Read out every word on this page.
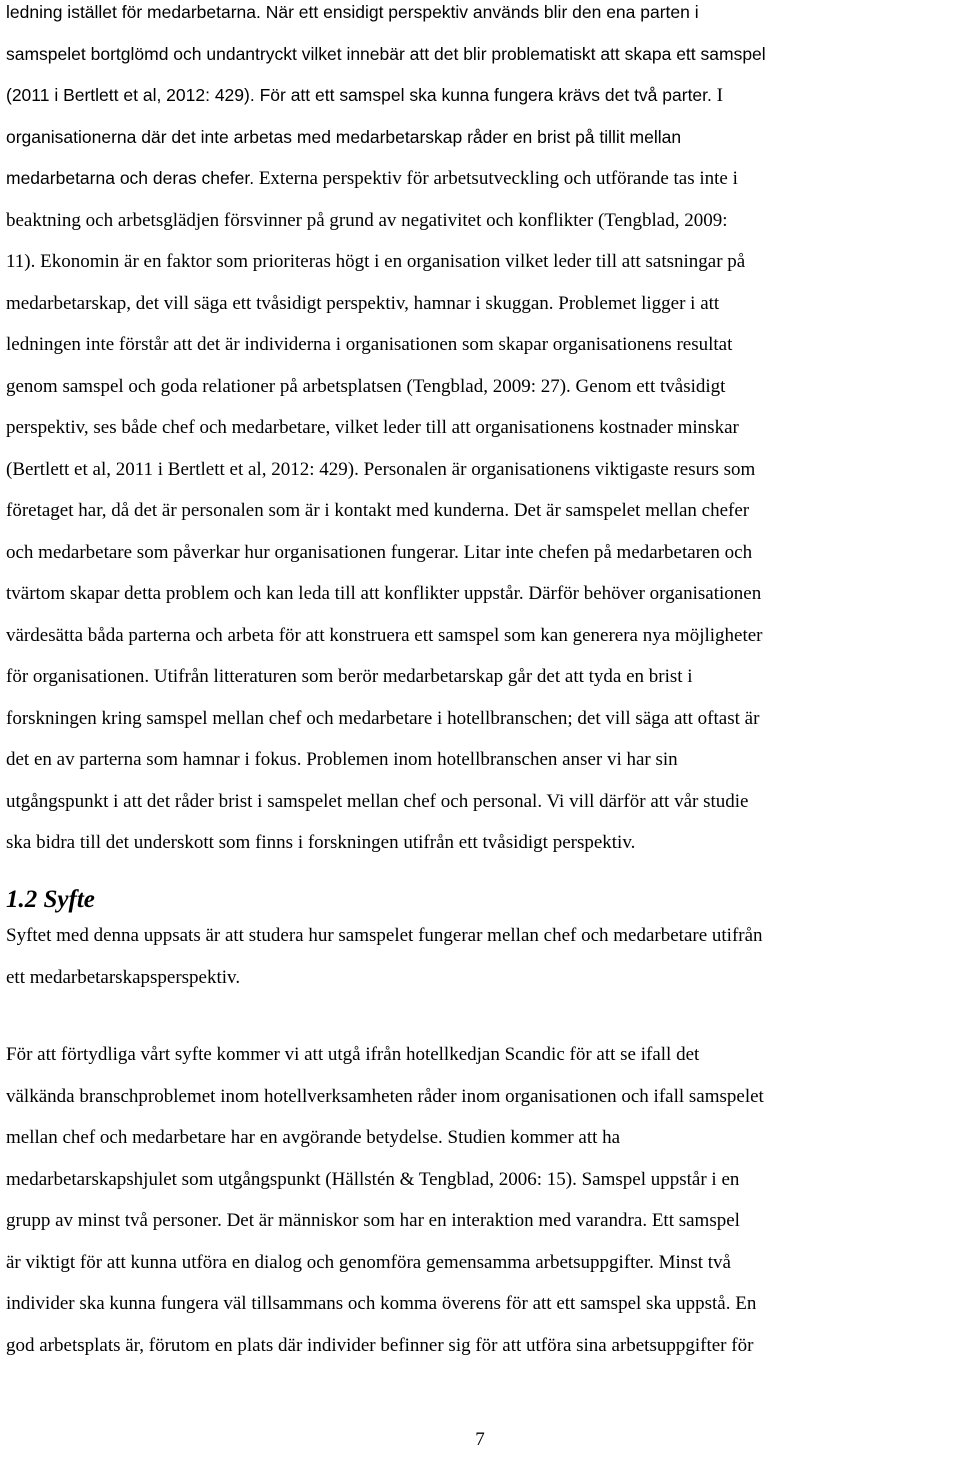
ledning istället för medarbetarna. När ett ensidigt perspektiv används blir den ena parten i
samspelet bortglömd och undantryckt vilket innebär att det blir problematiskt att skapa ett samspel
(2011 i Bertlett et al, 2012: 429). För att ett samspel ska kunna fungera krävs det två parter. I
organisationerna där det inte arbetas med medarbetarskap råder en brist på tillit mellan
medarbetarna och deras chefer. Externa perspektiv för arbetsutveckling och utförande tas inte i
beaktning och arbetsglädjen försvinner på grund av negativitet och konflikter (Tengblad, 2009:
11). Ekonomin är en faktor som prioriteras högt i en organisation vilket leder till att satsningar på
medarbetarskap, det vill säga ett tvåsidigt perspektiv, hamnar i skuggan. Problemet ligger i att
ledningen inte förstår att det är individerna i organisationen som skapar organisationens resultat
genom samspel och goda relationer på arbetsplatsen (Tengblad, 2009: 27). Genom ett tvåsidigt
perspektiv, ses både chef och medarbetare, vilket leder till att organisationens kostnader minskar
(Bertlett et al, 2011 i Bertlett et al, 2012: 429). Personalen är organisationens viktigaste resurs som
företaget har, då det är personalen som är i kontakt med kunderna. Det är samspelet mellan chefer
och medarbetare som påverkar hur organisationen fungerar. Litar inte chefen på medarbetaren och
tvärtom skapar detta problem och kan leda till att konflikter uppstår. Därför behöver organisationen
värdesätta båda parterna och arbeta för att konstruera ett samspel som kan generera nya möjligheter
för organisationen. Utifrån litteraturen som berör medarbetarskap går det att tyda en brist i
forskningen kring samspel mellan chef och medarbetare i hotellbranschen; det vill säga att oftast är
det en av parterna som hamnar i fokus. Problemen inom hotellbranschen anser vi har sin
utgångspunkt i att det råder brist i samspelet mellan chef och personal. Vi vill därför att vår studie
ska bidra till det underskott som finns i forskningen utifrån ett tvåsidigt perspektiv.
1.2 Syfte
Syftet med denna uppsats är att studera hur samspelet fungerar mellan chef och medarbetare utifrån
ett medarbetarskapsperspektiv.
För att förtydliga vårt syfte kommer vi att utgå ifrån hotellkedjan Scandic för att se ifall det
välkända branschproblemet inom hotellverksamheten råder inom organisationen och ifall samspelet
mellan chef och medarbetare har en avgörande betydelse. Studien kommer att ha
medarbetarskapshjulet som utgångspunkt (Hällstén & Tengblad, 2006: 15). Samspel uppstår i en
grupp av minst två personer. Det är människor som har en interaktion med varandra. Ett samspel
är viktigt för att kunna utföra en dialog och genomföra gemensamma arbetsuppgifter. Minst två
individer ska kunna fungera väl tillsammans och komma överens för att ett samspel ska uppstå. En
god arbetsplats är, förutom en plats där individer befinner sig för att utföra sina arbetsuppgifter för
7
